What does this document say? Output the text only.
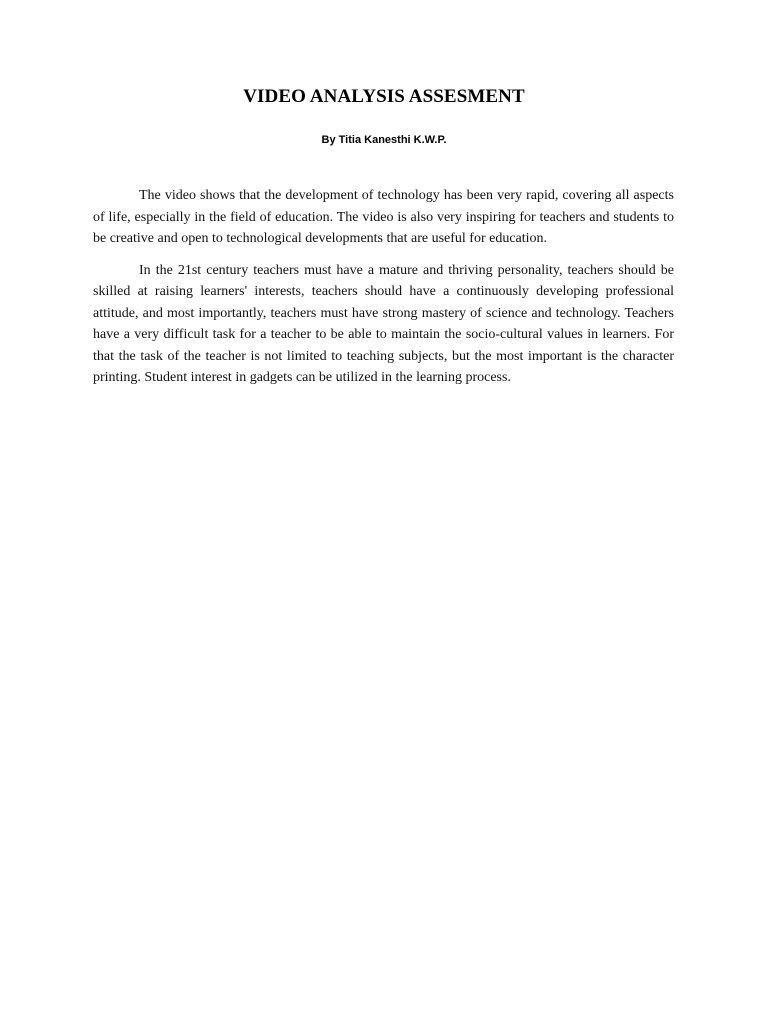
VIDEO ANALYSIS ASSESMENT
By Titia Kanesthi K.W.P.

The video shows that the development of technology has been very rapid, covering all aspects of life, especially in the field of education. The video is also very inspiring for teachers and students to be creative and open to technological developments that are useful for education.

In the 21st century teachers must have a mature and thriving personality, teachers should be skilled at raising learners' interests, teachers should have a continuously developing professional attitude, and most importantly, teachers must have strong mastery of science and technology. Teachers have a very difficult task for a teacher to be able to maintain the socio-cultural values in learners. For that the task of the teacher is not limited to teaching subjects, but the most important is the character printing. Student interest in gadgets can be utilized in the learning process.
